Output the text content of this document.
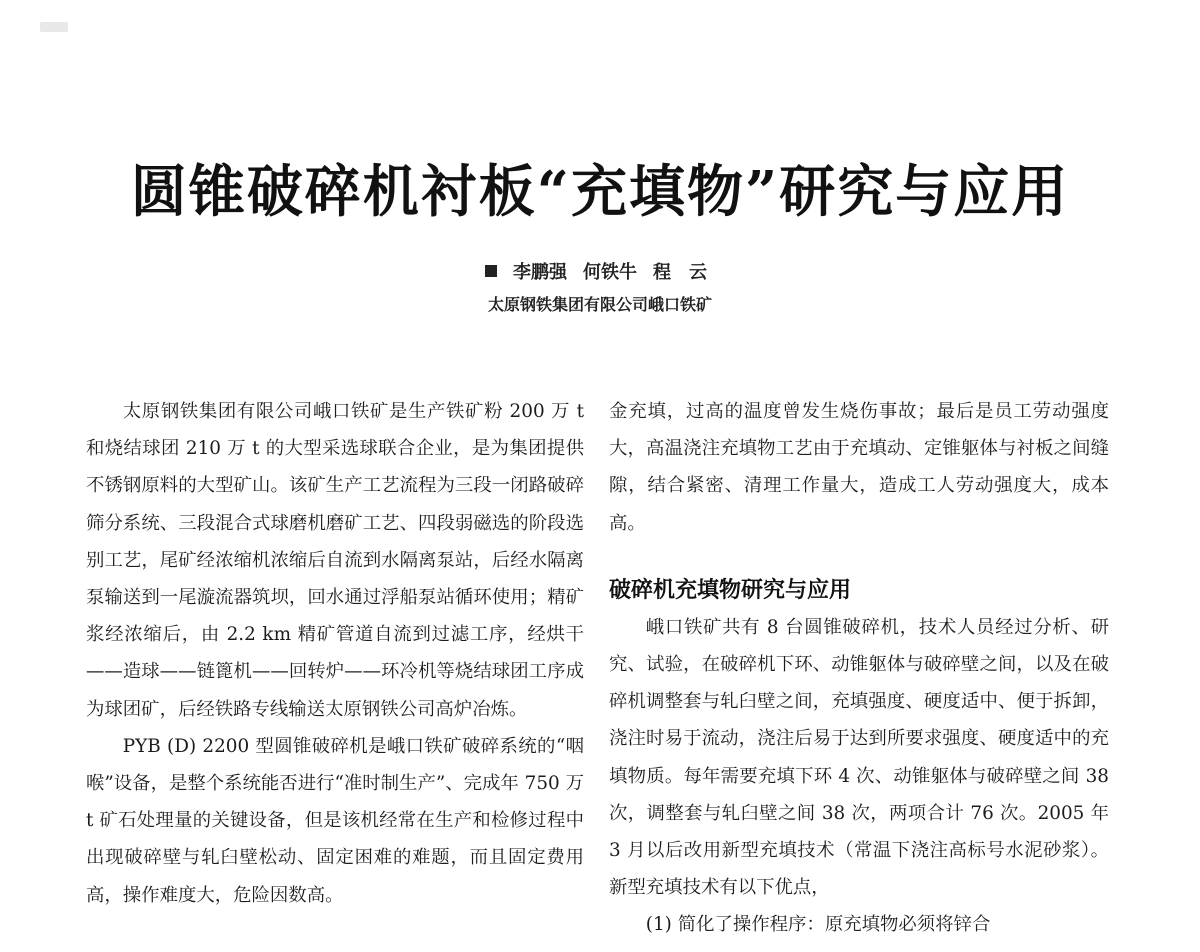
圆锥破碎机衬板“充填物”研究与应用
李鹏强 何铁牛 程　云
太原钢铁集团有限公司峨口铁矿

太原钢铁集团有限公司峨口铁矿是生产铁矿粉 200 万 t 和烧结球团 210 万 t 的大型采选球联合企业，是为集团提供不锈钢原料的大型矿山。该矿生产工艺流程为三段一闭路破碎筛分系统、三段混合式球磨机磨矿工艺、四段弱磁选的阶段选别工艺，尾矿经浓缩机浓缩后自流到水隔离泵站，后经水隔离泵输送到一尾漩流器筑坝，回水通过浮船泵站循环使用；精矿浆经浓缩后，由 2.2 km 精矿管道自流到过滤工序，经烘干——造球——链篦机——回转炉——环冷机等烧结球团工序成为球团矿，后经铁路专线输送太原钢铁公司高炉冶炼。

PYB (D) 2200 型圆锥破碎机是峨口铁矿破碎系统的“咽喉”设备，是整个系统能否进行“准时制生产”、完成年 750 万 t 矿石处理量的关键设备，但是该机经常在生产和检修过程中出现破碎壁与轧臼壁松动、固定困难的难题，而且固定费用高，操作难度大，危险因数高。

金充填，过高的温度曾发生烧伤事故；最后是员工劳动强度大，高温浇注充填物工艺由于充填动、定锥躯体与衬板之间缝隙，结合紧密、清理工作量大，造成工人劳动强度大，成本高。

破碎机充填物研究与应用

峨口铁矿共有 8 台圆锥破碎机，技术人员经过分析、研究、试验，在破碎机下环、动锥躯体与破碎壁之间，以及在破碎机调整套与轧臼壁之间，充填强度、硬度适中、便于拆卸，浇注时易于流动，浇注后易于达到所要求强度、硬度适中的充填物质。每年需要充填下环 4 次、动锥躯体与破碎壁之间 38 次，调整套与轧臼壁之间 38 次，两项合计 76 次。2005 年 3 月以后改用新型充填技术（常温下浇注高标号水泥砂浆）。新型充填技术有以下优点，

(1) 简化了操作程序：原充填物必须将锌合
